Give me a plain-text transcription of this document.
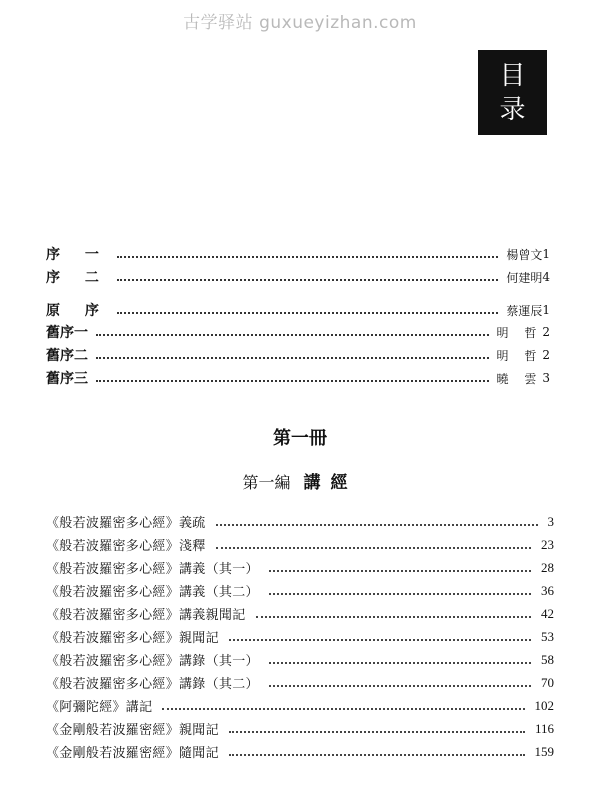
古学驿站 guxueyizhan.com
目
录
序 一	楊曾文 1
序 二	何建明 4
原 序	蔡運辰 1
舊序一	明 哲 2
舊序二	明 哲 2
舊序三	曉 雲 3
第一冊
第一編 講經
《般若波羅密多心經》義疏	3
《般若波羅密多心經》淺釋	23
《般若波羅密多心經》講義（其一）	28
《般若波羅密多心經》講義（其二）	36
《般若波羅密多心經》講義親聞記	42
《般若波羅密多心經》親聞記	53
《般若波羅密多心經》講錄（其一）	58
《般若波羅密多心經》講錄（其二）	70
《阿彌陀經》講記	102
《金剛般若波羅密經》親聞記	116
《金剛般若波羅密經》隨聞記	159
